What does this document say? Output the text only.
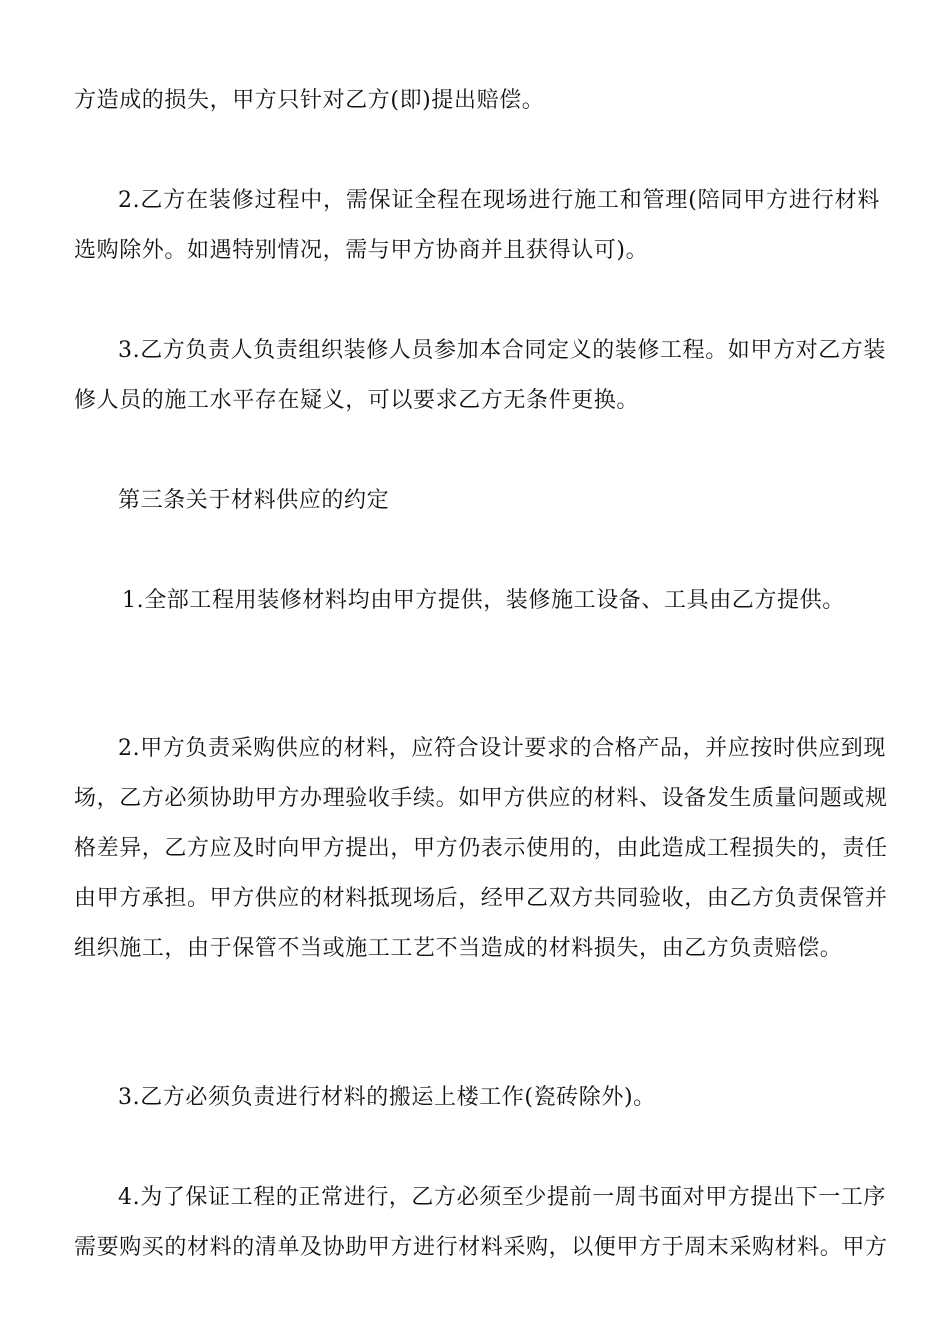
方造成的损失，甲方只针对乙方(即)提出赔偿。

2.乙方在装修过程中，需保证全程在现场进行施工和管理(陪同甲方进行材料
选购除外。如遇特别情况，需与甲方协商并且获得认可)。

3.乙方负责人负责组织装修人员参加本合同定义的装修工程。如甲方对乙方装
修人员的施工水平存在疑义，可以要求乙方无条件更换。

第三条关于材料供应的约定

1.全部工程用装修材料均由甲方提供，装修施工设备、工具由乙方提供。

2.甲方负责采购供应的材料，应符合设计要求的合格产品，并应按时供应到现
场，乙方必须协助甲方办理验收手续。如甲方供应的材料、设备发生质量问题或规
格差异，乙方应及时向甲方提出，甲方仍表示使用的，由此造成工程损失的，责任
由甲方承担。甲方供应的材料抵现场后，经甲乙双方共同验收，由乙方负责保管并
组织施工，由于保管不当或施工工艺不当造成的材料损失，由乙方负责赔偿。

3.乙方必须负责进行材料的搬运上楼工作(瓷砖除外)。

4.为了保证工程的正常进行，乙方必须至少提前一周书面对甲方提出下一工序
需要购买的材料的清单及协助甲方进行材料采购，以便甲方于周末采购材料。甲方
